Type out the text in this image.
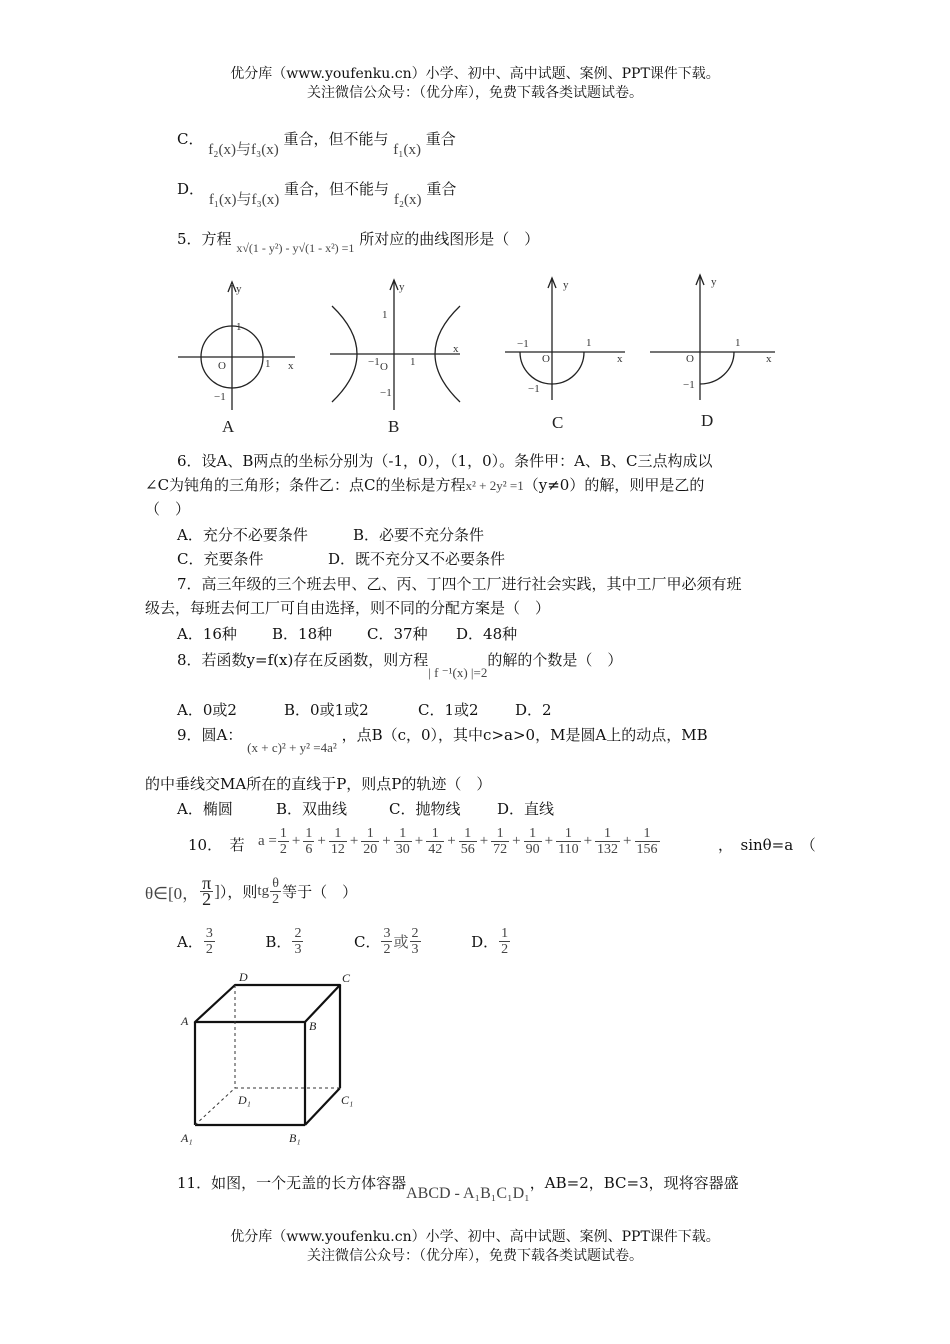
优分库（www.youfenku.cn）小学、初中、高中试题、案例、PPT课件下载。
关注微信公众号：（优分库），免费下载各类试题试卷。
C． f₂(x)与f₃(x) 重合，但不能与 f₁(x) 重合
D． f₁(x)与f₃(x) 重合，但不能与 f₂(x) 重合
5．方程 $_{x√(1 - y^2) - y√(1 - x^2) =1}$ 所对应的曲线图形是（　）
y
1
O	1 x
−1
A
y
1
−1 O 1
x
−1
B
y
−1
O
1
x
−1
C
y
O
1
x
−1
D
6．设A、B两点的坐标分别为（-1，0），（1，0）。条件甲：A、B、C三点构成以
∠C为钝角的三角形；条件乙：点C的坐标是方程x² + 2y² =1（y≠0）的解，则甲是乙的
（　）
A．充分不必要条件	B．必要不充分条件
C．充要条件	D．既不充分又不必要条件
7．高三年级的三个班去甲、乙、丙、丁四个工厂进行社会实践，其中工厂甲必须有班
级去，每班去何工厂可自由选择，则不同的分配方案是（　）
A．16种 B．18种 C．37种 D．48种
8．若函数y=f(x)存在反函数，则方程| f ⁻¹(x) |=2的解的个数是（　）
A．0或2	B．0或1或2	C．1或2 D．2
9．圆A： (x + c)² + y² =4a² ，点B（c，0），其中c>a>0，M是圆A上的动点，MB
的中垂线交MA所在的直线于P，则点P的轨迹（　）
A．椭圆	B．双曲线	C．抛物线 D．直线
10．　若 $a = \frac{1}{2} + \frac{1}{6} + \frac{1}{12} + \frac{1}{20} + \frac{1}{30} + \frac{1}{42} + \frac{1}{56} + \frac{1}{72} + \frac{1}{90} + \frac{1}{110} + \frac{1}{132} + \frac{1}{156}$	，　sinθ=a　（
θ∈[0， $\frac{\pi}{2}$ ]），则tg $\frac{\theta}{2}$ 等于（　）
A． $\frac{3}{2}$	B． $\frac{2}{3}$	C． $\frac{3}{2}$ 或 $\frac{2}{3}$	D． $\frac{1}{2}$
D	C
A	B
D₁	C₁
A₁	B₁
11．如图，一个无盖的长方体容器ABCD - A₁B₁C₁D₁，AB=2，BC=3，现将容器盛
优分库（www.youfenku.cn）小学、初中、高中试题、案例、PPT课件下载。
关注微信公众号：（优分库），免费下载各类试题试卷。
